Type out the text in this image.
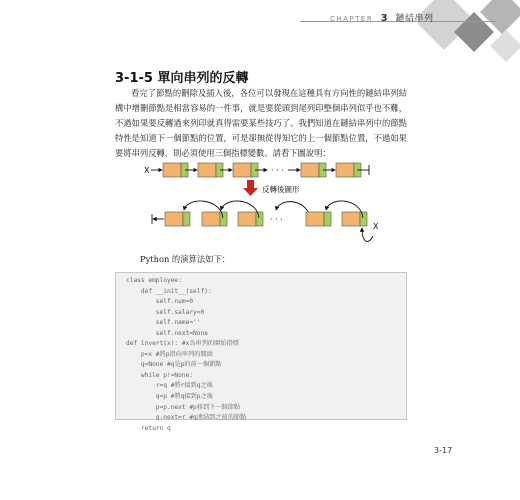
CHAPTER 3 鏈結串列
3-1-5 單向串列的反轉

看完了節點的刪除及插入後，各位可以發現在這種具有方向性的鏈結串列結構中增刪節點是相當容易的一件事，就是要從頭到尾列印整個串列似乎也不難，不過如果要反轉過來列印就真得需要某些技巧了。我們知道在鏈結串列中的節點特性是知道下一個節點的位置，可是卻無從得知它的上一個節點位置，不過如果要將串列反轉，則必須使用三個指標變數。請看下圖說明：

X	· · ·
反轉後圖形
· · ·
X
Python 的演算法如下：
class employee:
def __init__(self):
self.num=0
self.salary=0
self.name=''
self.next=None
def invert(x): #x為串列的開始指標
p=x #將p指向串列的開頭
q=None #q是p的前一個節點
while p!=None:
r=q #將r接到q之後
q=p #將q接到p之後
p=p.next #p移到下一個節點
q.next=r #q連結到之前的節點
return q
3-17
